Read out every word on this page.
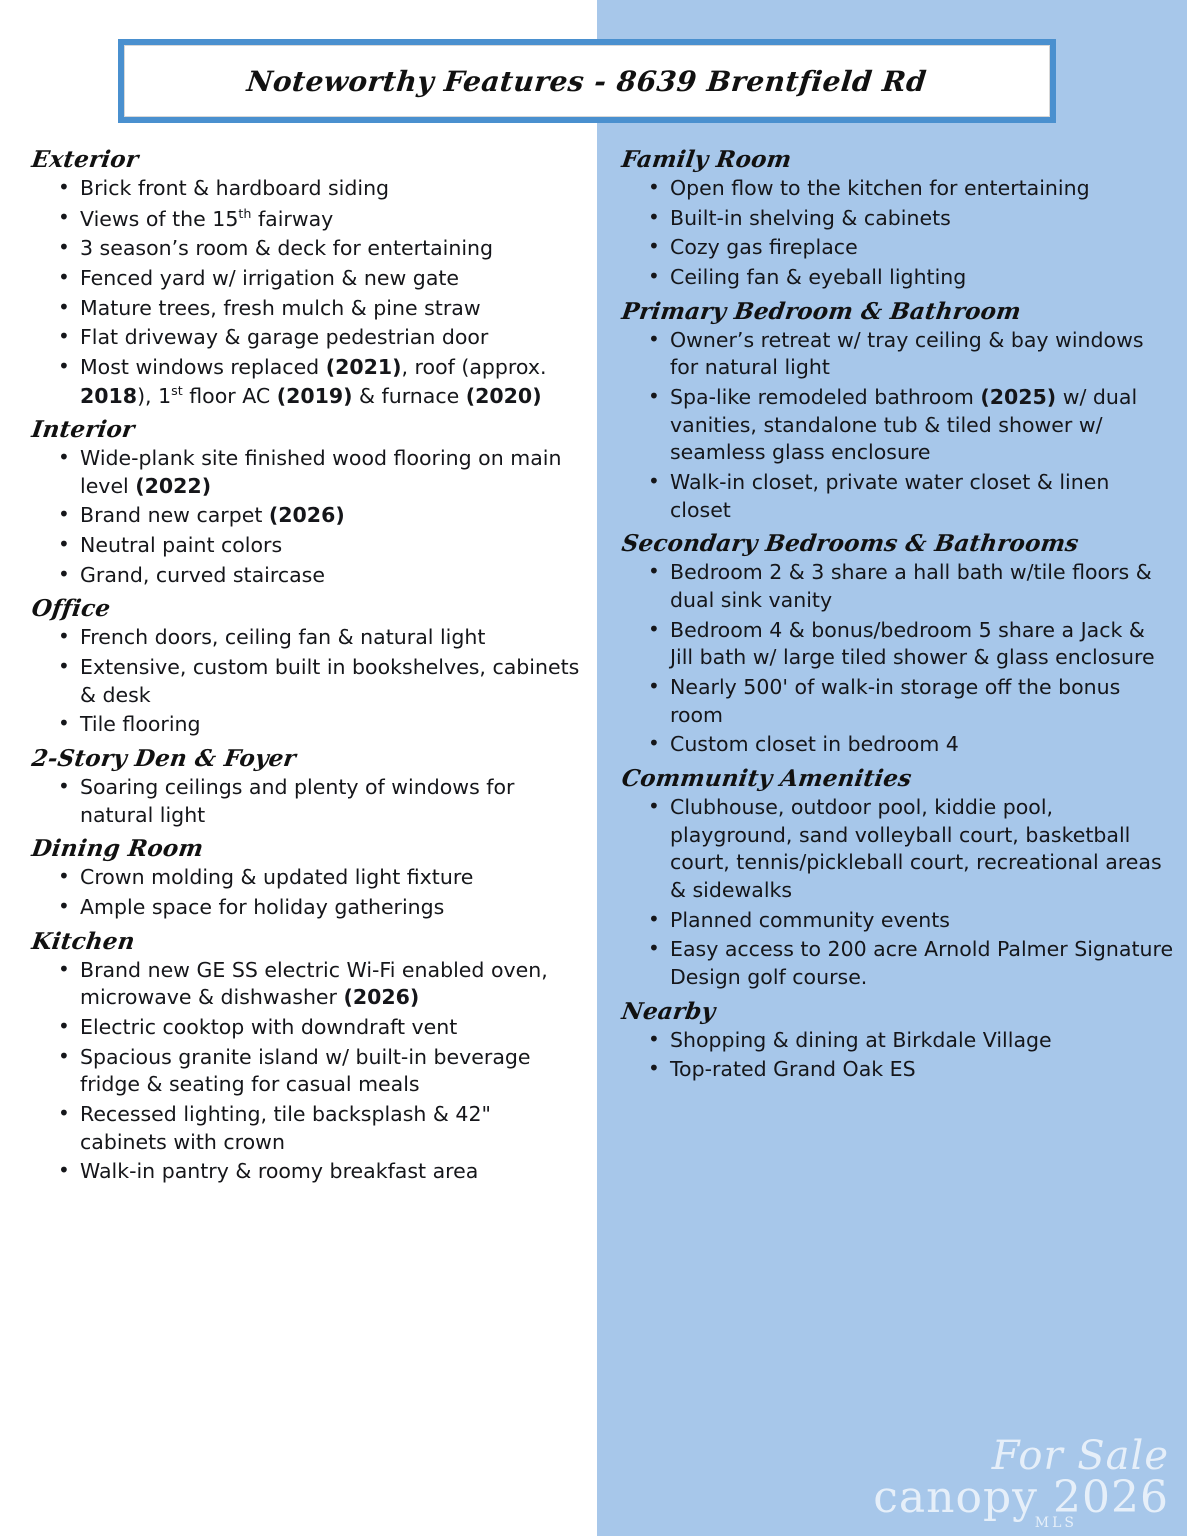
Noteworthy Features - 8639 Brentfield Rd
Exterior
• Brick front & hardboard siding
• Views of the 15th fairway
• 3 season’s room & deck for entertaining
• Fenced yard w/ irrigation & new gate
• Mature trees, fresh mulch & pine straw
• Flat driveway & garage pedestrian door
• Most windows replaced (2021), roof (approx. 2018), 1st floor AC (2019) & furnace (2020)
Interior
• Wide-plank site finished wood flooring on main level (2022)
• Brand new carpet (2026)
• Neutral paint colors
• Grand, curved staircase
Office
• French doors, ceiling fan & natural light
• Extensive, custom built in bookshelves, cabinets & desk
• Tile flooring
2-Story Den & Foyer
• Soaring ceilings and plenty of windows for natural light
Dining Room
• Crown molding & updated light fixture
• Ample space for holiday gatherings
Kitchen
• Brand new GE SS electric Wi-Fi enabled oven, microwave & dishwasher (2026)
• Electric cooktop with downdraft vent
• Spacious granite island w/ built-in beverage fridge & seating for casual meals
• Recessed lighting, tile backsplash & 42" cabinets with crown
• Walk-in pantry & roomy breakfast area
Family Room
• Open flow to the kitchen for entertaining
• Built-in shelving & cabinets
• Cozy gas fireplace
• Ceiling fan & eyeball lighting
Primary Bedroom & Bathroom
• Owner’s retreat w/ tray ceiling & bay windows for natural light
• Spa-like remodeled bathroom (2025) w/ dual vanities, standalone tub & tiled shower w/ seamless glass enclosure
• Walk-in closet, private water closet & linen closet
Secondary Bedrooms & Bathrooms
• Bedroom 2 & 3 share a hall bath w/tile floors & dual sink vanity
• Bedroom 4 & bonus/bedroom 5 share a Jack & Jill bath w/ large tiled shower & glass enclosure
• Nearly 500' of walk-in storage off the bonus room
• Custom closet in bedroom 4
Community Amenities
• Clubhouse, outdoor pool, kiddie pool, playground, sand volleyball court, basketball court, tennis/pickleball court, recreational areas & sidewalks
• Planned community events
• Easy access to 200 acre Arnold Palmer Signature Design golf course.
Nearby
• Shopping & dining at Birkdale Village
• Top-rated Grand Oak ES
For Sale
canopy 2026
MLS
